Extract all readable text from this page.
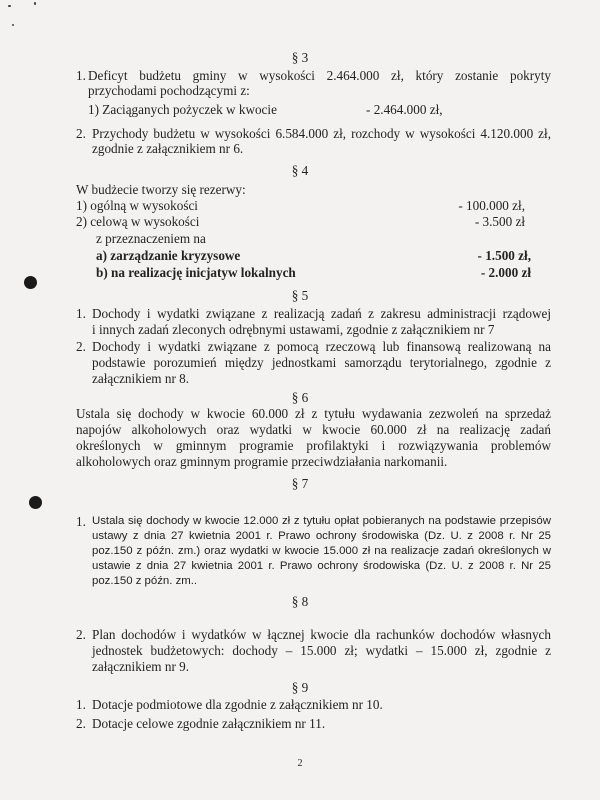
§ 3
1. Deficyt budżetu gminy w wysokości 2.464.000 zł, który zostanie pokryty
przychodami pochodzącymi z:
1) Zaciąganych pożyczek w kwocie	- 2.464.000 zł,
2. Przychody budżetu w wysokości 6.584.000 zł, rozchody w wysokości 4.120.000 zł,
zgodnie z załącznikiem nr 6.
§ 4
W budżecie tworzy się rezerwy:
1) ogólną w wysokości	- 100.000 zł,
2) celową w wysokości	- 3.500 zł
z przeznaczeniem na
a) zarządzanie kryzysowe	- 1.500 zł,
b) na realizację inicjatyw lokalnych	- 2.000 zł
§ 5
1. Dochody i wydatki związane z realizacją zadań z zakresu administracji rządowej
i innych zadań zleconych odrębnymi ustawami, zgodnie z załącznikiem nr 7
2. Dochody i wydatki związane z pomocą rzeczową lub finansową realizowaną na
podstawie porozumień między jednostkami samorządu terytorialnego, zgodnie z
załącznikiem nr 8.
§ 6
Ustala się dochody w kwocie 60.000 zł z tytułu wydawania zezwoleń na sprzedaż
napojów alkoholowych oraz wydatki w kwocie 60.000 zł na realizację zadań
określonych w gminnym programie profilaktyki i rozwiązywania problemów
alkoholowych oraz gminnym programie przeciwdziałania narkomanii.
§ 7
1. Ustala się dochody w kwocie 12.000 zł z tytułu opłat pobieranych na podstawie przepisów
ustawy z dnia 27 kwietnia 2001 r. Prawo ochrony środowiska (Dz. U. z 2008 r. Nr 25
poz.150 z późn. zm.) oraz wydatki w kwocie 15.000 zł na realizacje zadań określonych w
ustawie z dnia 27 kwietnia 2001 r. Prawo ochrony środowiska (Dz. U. z 2008 r. Nr 25
poz.150 z późn. zm..
§ 8
2. Plan dochodów i wydatków w łącznej kwocie dla rachunków dochodów własnych
jednostek budżetowych: dochody – 15.000 zł; wydatki – 15.000 zł, zgodnie z
załącznikiem nr 9.
§ 9
1. Dotacje podmiotowe dla zgodnie z załącznikiem nr 10.
2. Dotacje celowe zgodnie załącznikiem nr 11.
2
